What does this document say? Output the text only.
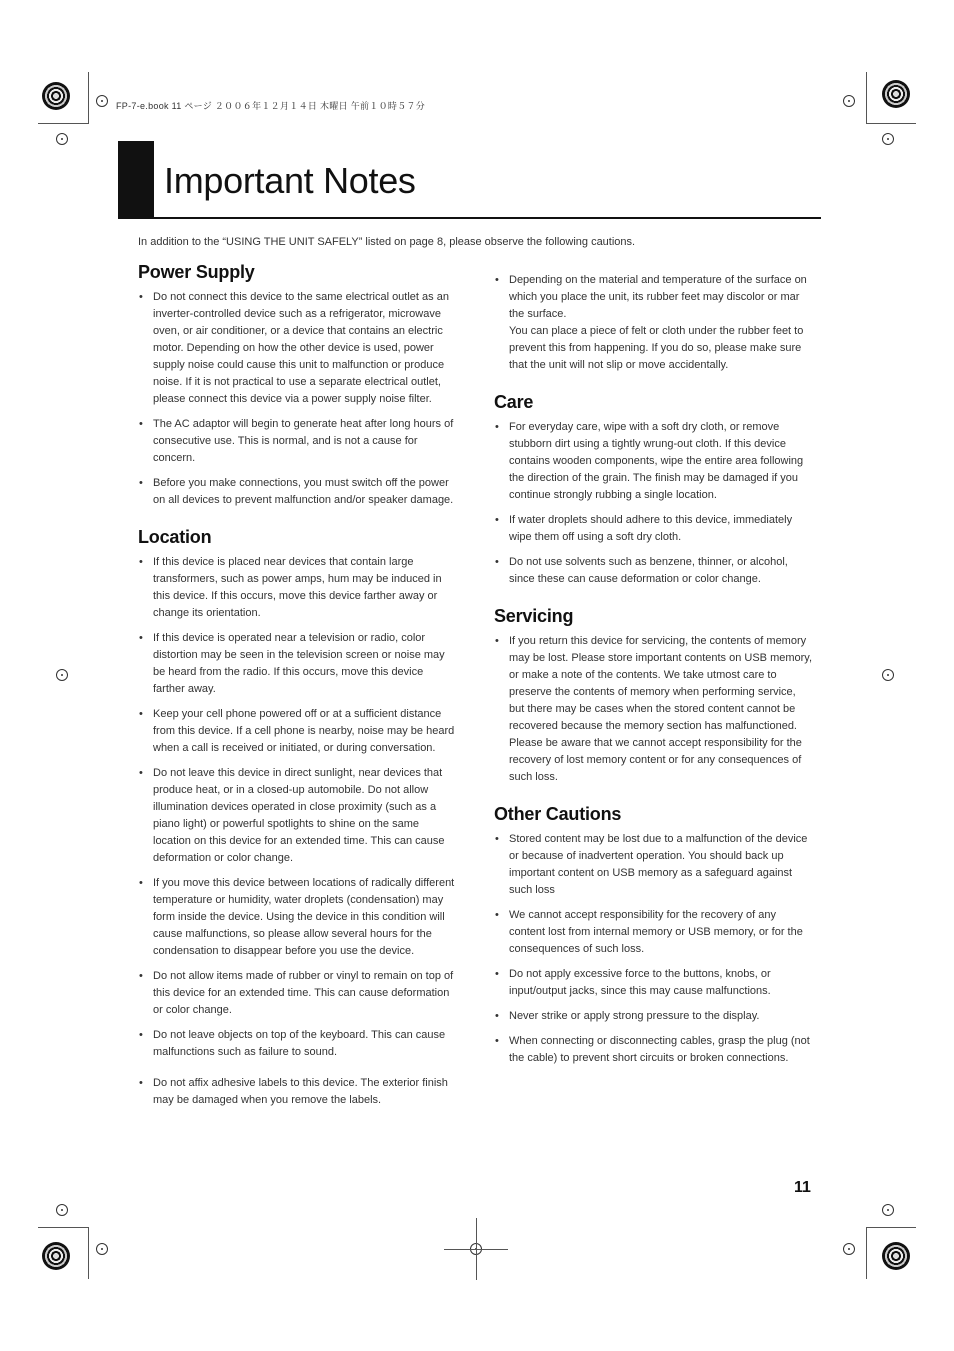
FP-7-e.book 11 ページ ２００６年１２月１４日 木曜日 午前１０時５７分
Important Notes
In addition to the “USING THE UNIT SAFELY” listed on page 8, please observe the following cautions.
Power Supply
• Do not connect this device to the same electrical outlet as an inverter-controlled device such as a refrigerator, microwave oven, or air conditioner, or a device that contains an electric motor. Depending on how the other device is used, power supply noise could cause this unit to malfunction or produce noise. If it is not practical to use a separate electrical outlet, please connect this device via a power supply noise filter.
• The AC adaptor will begin to generate heat after long hours of consecutive use. This is normal, and is not a cause for concern.
• Before you make connections, you must switch off the power on all devices to prevent malfunction and/or speaker damage.
Location
• If this device is placed near devices that contain large transformers, such as power amps, hum may be induced in this device. If this occurs, move this device farther away or change its orientation.
• If this device is operated near a television or radio, color distortion may be seen in the television screen or noise may be heard from the radio. If this occurs, move this device farther away.
• Keep your cell phone powered off or at a sufficient distance from this device. If a cell phone is nearby, noise may be heard when a call is received or initiated, or during conversation.
• Do not leave this device in direct sunlight, near devices that produce heat, or in a closed-up automobile. Do not allow illumination devices operated in close proximity (such as a piano light) or powerful spotlights to shine on the same location on this device for an extended time. This can cause deformation or color change.
• If you move this device between locations of radically different temperature or humidity, water droplets (condensation) may form inside the device. Using the device in this condition will cause malfunctions, so please allow several hours for the condensation to disappear before you use the device.
• Do not allow items made of rubber or vinyl to remain on top of this device for an extended time. This can cause deformation or color change.
• Do not leave objects on top of the keyboard. This can cause malfunctions such as failure to sound.
• Do not affix adhesive labels to this device. The exterior finish may be damaged when you remove the labels.
• Depending on the material and temperature of the surface on which you place the unit, its rubber feet may discolor or mar the surface.
You can place a piece of felt or cloth under the rubber feet to prevent this from happening. If you do so, please make sure that the unit will not slip or move accidentally.
Care
• For everyday care, wipe with a soft dry cloth, or remove stubborn dirt using a tightly wrung-out cloth. If this device contains wooden components, wipe the entire area following the direction of the grain. The finish may be damaged if you continue strongly rubbing a single location.
• If water droplets should adhere to this device, immediately wipe them off using a soft dry cloth.
• Do not use solvents such as benzene, thinner, or alcohol, since these can cause deformation or color change.
Servicing
• If you return this device for servicing, the contents of memory may be lost. Please store important contents on USB memory, or make a note of the contents. We take utmost care to preserve the contents of memory when performing service, but there may be cases when the stored content cannot be recovered because the memory section has malfunctioned. Please be aware that we cannot accept responsibility for the recovery of lost memory content or for any consequences of such loss.
Other Cautions
• Stored content may be lost due to a malfunction of the device or because of inadvertent operation. You should back up important content on USB memory as a safeguard against such loss
• We cannot accept responsibility for the recovery of any content lost from internal memory or USB memory, or for the consequences of such loss.
• Do not apply excessive force to the buttons, knobs, or input/output jacks, since this may cause malfunctions.
• Never strike or apply strong pressure to the display.
• When connecting or disconnecting cables, grasp the plug (not the cable) to prevent short circuits or broken connections.
11
